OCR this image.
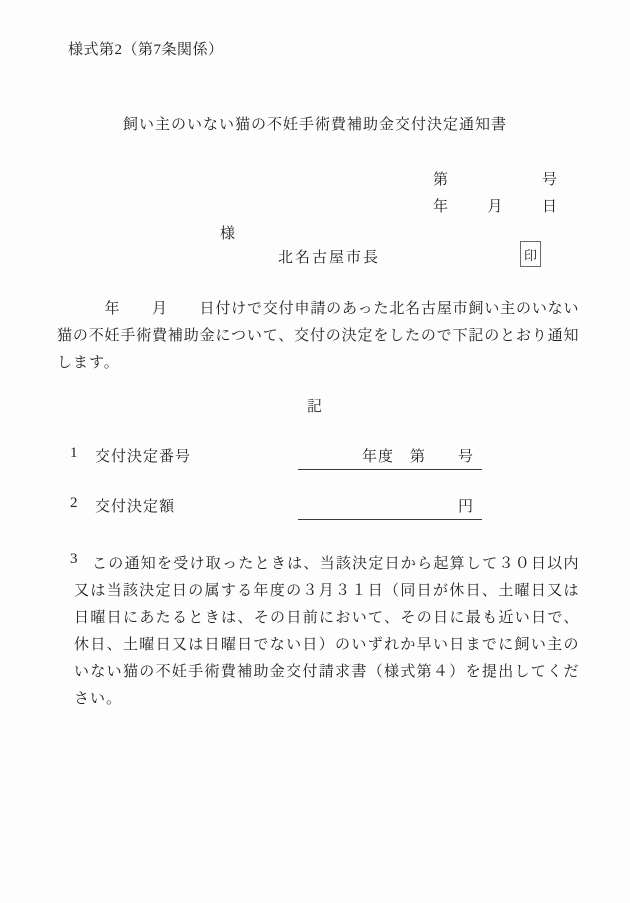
様式第2（第7条関係）
飼い主のいない猫の不妊手術費補助金交付決定通知書
第	号
年	月	日
様
北名古屋市長	印
　　　年　　月　　日付けで交付申請のあった北名古屋市飼い主のいない
猫の不妊手術費補助金について、交付の決定をしたので下記のとおり通知
します。
記
1 交付決定番号	年度　第　　号
2 交付決定額	円
3 この通知を受け取ったときは、当該決定日から起算して３０日以内
又は当該決定日の属する年度の３月３１日（同日が休日、土曜日又は
日曜日にあたるときは、その日前において、その日に最も近い日で、
休日、土曜日又は日曜日でない日）のいずれか早い日までに飼い主の
いない猫の不妊手術費補助金交付請求書（様式第４）を提出してくだ
さい。
